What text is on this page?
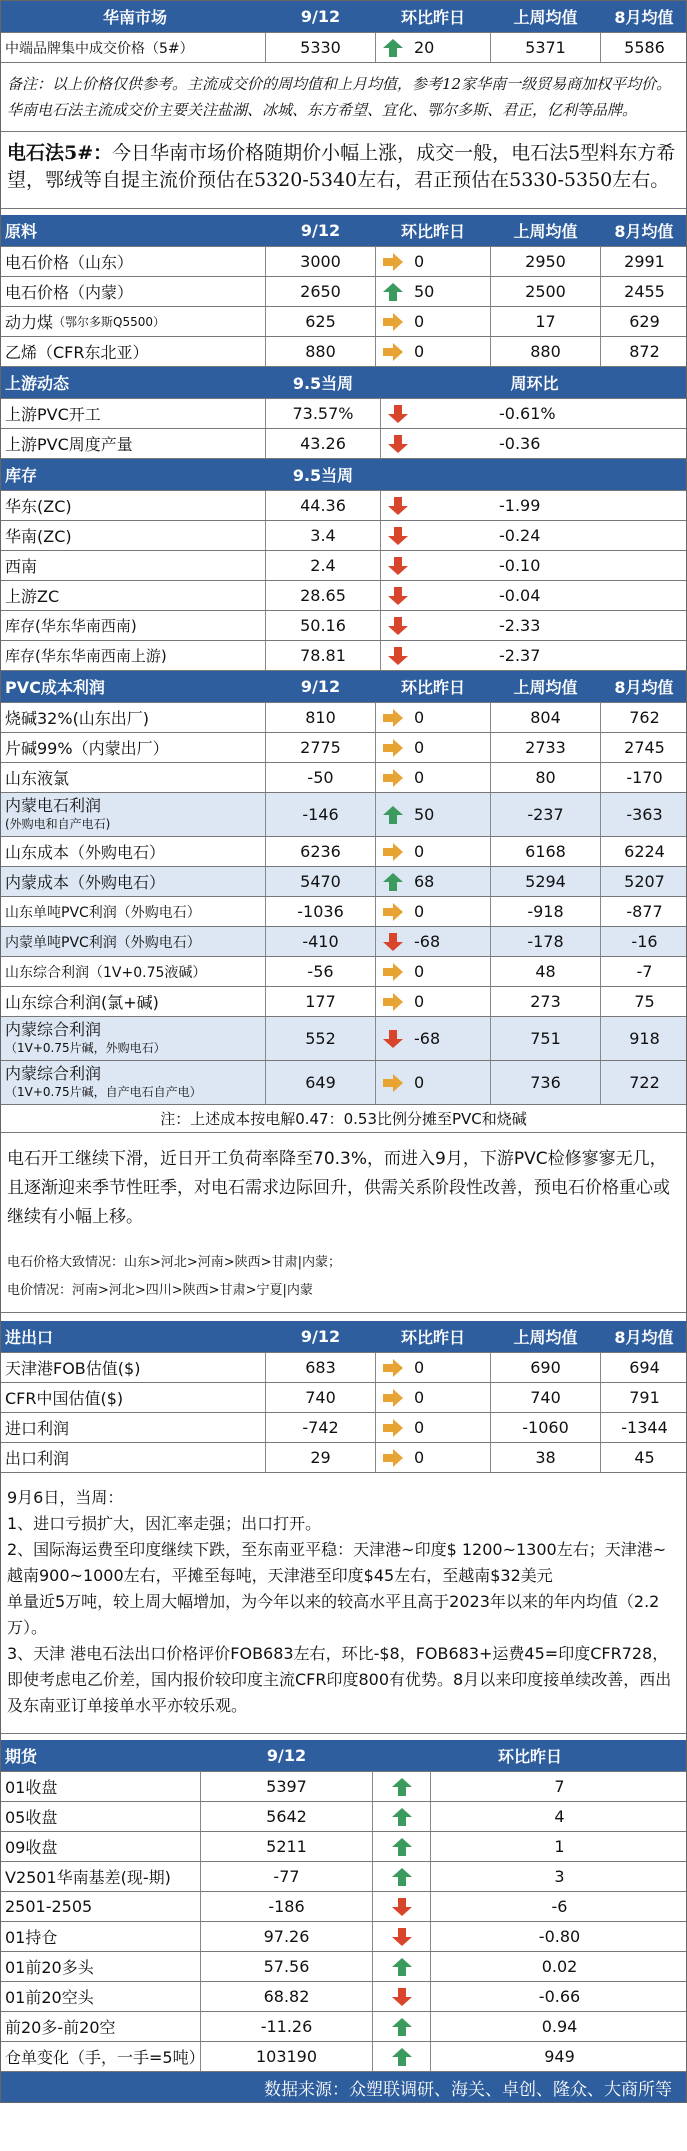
华南市场	9/12	环比昨日	上周均值	8月均值
中端品牌集中成交价格（5#）	5330	20	5371	5586
备注：以上价格仅供参考。主流成交价的周均值和上月均值，参考12家华南一级贸易商加权平均价。华南电石法主流成交价主要关注盐湖、冰城、东方希望、宜化、鄂尔多斯、君正，亿利等品牌。
电石法5#：今日华南市场价格随期价小幅上涨，成交一般，电石法5型料东方希望，鄂绒等自提主流价预估在5320-5340左右，君正预估在5330-5350左右。
原料	9/12	环比昨日	上周均值	8月均值
电石价格（山东）	3000	0	2950	2991
电石价格（内蒙）	2650	50	2500	2455
动力煤 （鄂尔多斯Q5500）	625	0	17	629
乙烯（CFR东北亚）	880	0	880	872
上游动态	9.5当周	周环比
上游PVC开工	73.57%	-0.61%
上游PVC周度产量	43.26	-0.36
库存	9.5当周
华东(ZC)	44.36	-1.99
华南(ZC)	3.4	-0.24
西南	2.4	-0.10
上游ZC	28.65	-0.04
库存(华东华南西南)	50.16	-2.33
库存(华东华南西南上游)	78.81	-2.37
PVC成本利润	9/12	环比昨日	上周均值	8月均值
烧碱32%(山东出厂)	810	0	804	762
片碱99%（内蒙出厂）	2775	0	2733	2745
山东液氯	-50	0	80	-170
内蒙电石利润
(外购电和自产电石)	-146	50	-237	-363
山东成本（外购电石）	6236	0	6168	6224
内蒙成本（外购电石）	5470	68	5294	5207
山东单吨PVC利润（外购电石）	-1036	0	-918	-877
内蒙单吨PVC利润（外购电石）	-410	-68	-178	-16
山东综合利润（1V+0.75液碱）	-56	0	48	-7
山东综合利润(氯+碱)	177	0	273	75
内蒙综合利润
（1V+0.75片碱，外购电石）	552	-68	751	918
内蒙综合利润
（1V+0.75片碱，自产电石自产电）	649	0	736	722
注：上述成本按电解0.47：0.53比例分摊至PVC和烧碱
电石开工继续下滑，近日开工负荷率降至70.3%，而进入9月，下游PVC检修寥寥无几，且逐渐迎来季节性旺季，对电石需求边际回升，供需关系阶段性改善，预电石价格重心或继续有小幅上移。
电石价格大致情况：山东>河北>河南>陕西>甘肃|内蒙；
电价情况：河南>河北>四川>陕西>甘肃>宁夏|内蒙
进出口	9/12	环比昨日	上周均值	8月均值
天津港FOB估值($)	683	0	690	694
CFR中国估值($)	740	0	740	791
进口利润	-742	0	-1060	-1344
出口利润	29	0	38	45
9月6日，当周：
1、进口亏损扩大，因汇率走强；出口打开。
2、国际海运费至印度继续下跌，至东南亚平稳：天津港~印度$ 1200~1300左右；天津港~越南900~1000左右，平摊至每吨，天津港至印度$45左右，至越南$32美元
单量近5万吨，较上周大幅增加，为今年以来的较高水平且高于2023年以来的年内均值（2.2万）。
3、天津 港电石法出口价格评价FOB683左右，环比-$8，FOB683+运费45=印度CFR728，即使考虑电乙价差，国内报价较印度主流CFR印度800有优势。8月以来印度接单续改善，西出及东南亚订单接单水平亦较乐观。
期货	9/12	环比昨日
01收盘	5397	7
05收盘	5642	4
09收盘	5211	1
V2501华南基差(现-期)	-77	3
2501-2505	-186	-6
01持仓	97.26	-0.80
01前20多头	57.56	0.02
01前20空头	68.82	-0.66
前20多-前20空	-11.26	0.94
仓单变化（手，一手=5吨）	103190	949
数据来源：众塑联调研、海关、卓创、隆众、大商所等
